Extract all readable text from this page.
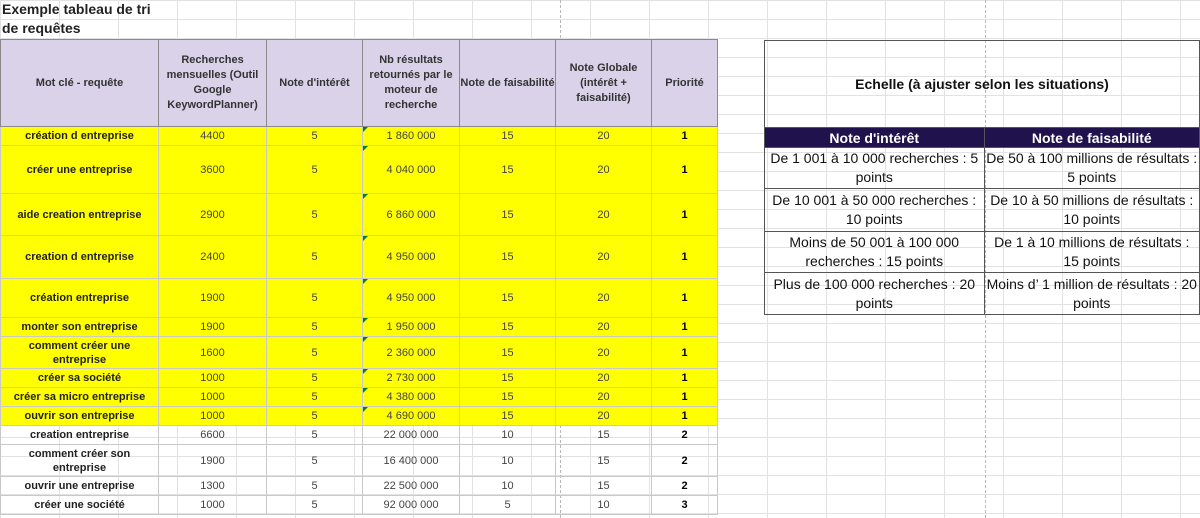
Exemple tableau de tri de requêtes
Mot clé - requête	Recherches mensuelles (Outil Google KeywordPlanner)	Note d'intérêt	Nb résultats retournés par le moteur de recherche	Note de faisabilité	Note Globale (intérêt + faisabilité)	Priorité
création d entreprise	4400	5	1 860 000	15	20	1
créer une entreprise	3600	5	4 040 000	15	20	1
aide creation entreprise	2900	5	6 860 000	15	20	1
creation d entreprise	2400	5	4 950 000	15	20	1
création entreprise	1900	5	4 950 000	15	20	1
monter son entreprise	1900	5	1 950 000	15	20	1
comment créer une entreprise	1600	5	2 360 000	15	20	1
créer sa société	1000	5	2 730 000	15	20	1
créer sa micro entreprise	1000	5	4 380 000	15	20	1
ouvrir son entreprise	1000	5	4 690 000	15	20	1
creation entreprise	6600	5	22 000 000	10	15	2
comment créer son entreprise	1900	5	16 400 000	10	15	2
ouvrir une entreprise	1300	5	22 500 000	10	15	2
créer une société	1000	5	92 000 000	5	10	3
Echelle (à ajuster selon les situations)	
Note d'intérêt	Note de faisabilité
De 1 001 à 10 000 recherches : 5 points	De 50 à 100 millions de résultats : 5 points
De 10 001 à 50 000 recherches : 10 points	De 10 à 50 millions de résultats : 10 points
Moins de 50 001 à 100 000 recherches : 15 points	De 1 à 10 millions de résultats : 15 points
Plus de 100 000 recherches : 20 points	Moins d’ 1 million de résultats : 20 points
